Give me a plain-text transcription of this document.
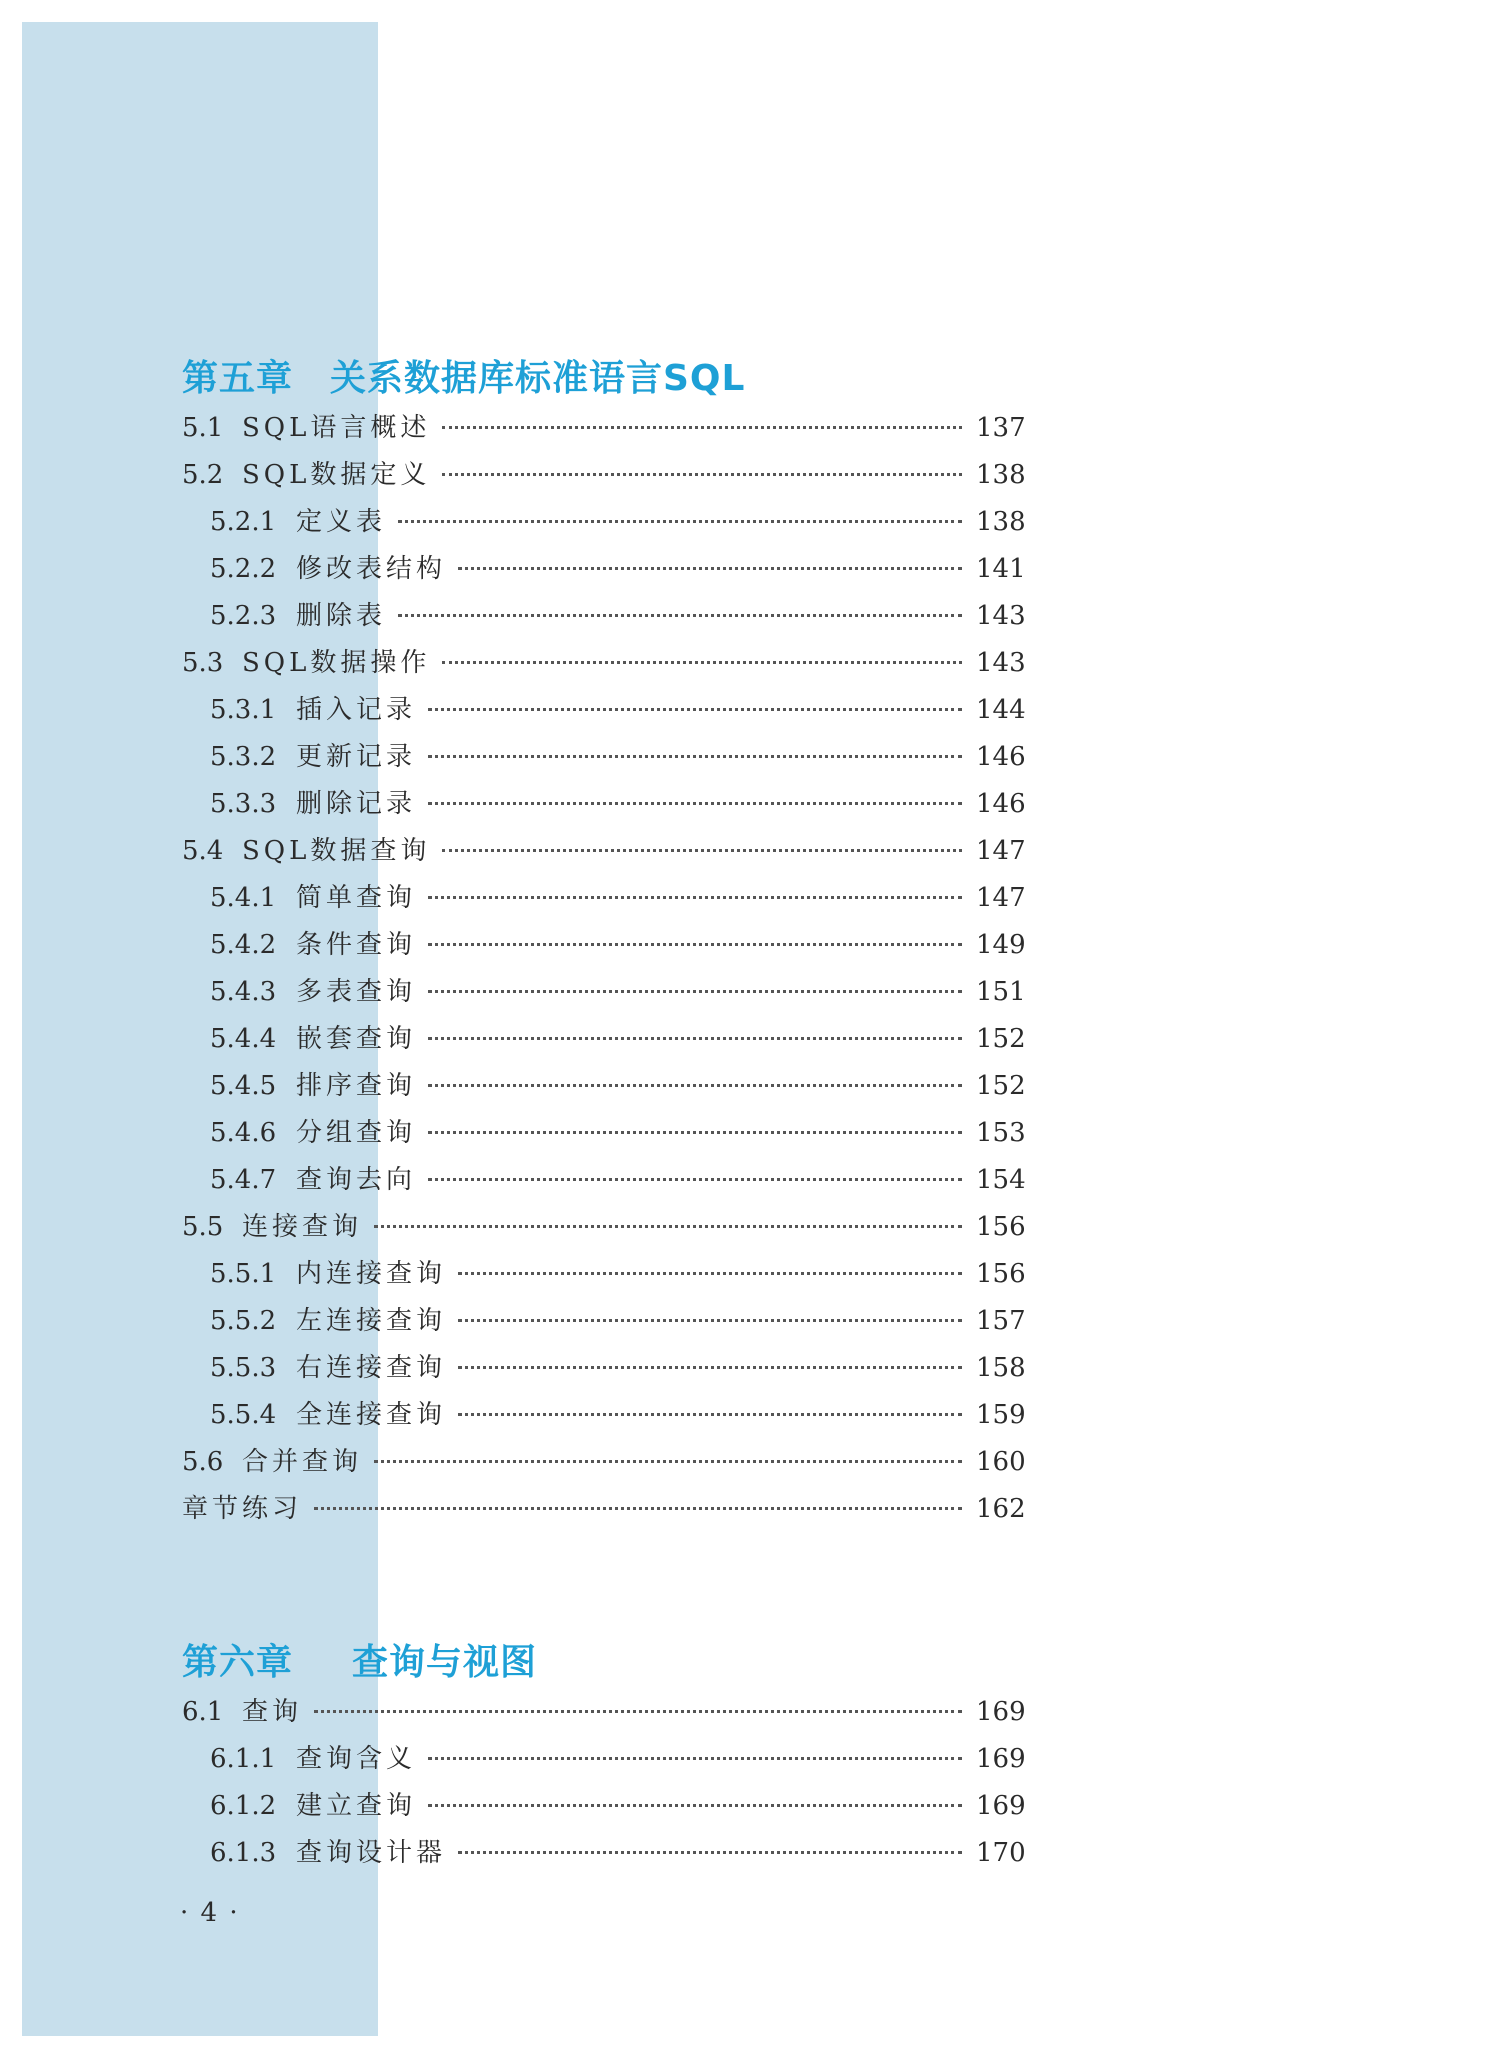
第五章 关系数据库标准语言SQL
5.1 SQL语言概述	137
5.2 SQL数据定义	138
5.2.1 定义表	138
5.2.2 修改表结构	141
5.2.3 删除表	143
5.3 SQL数据操作	143
5.3.1 插入记录	144
5.3.2 更新记录	146
5.3.3 删除记录	146
5.4 SQL数据查询	147
5.4.1 简单查询	147
5.4.2 条件查询	149
5.4.3 多表查询	151
5.4.4 嵌套查询	152
5.4.5 排序查询	152
5.4.6 分组查询	153
5.4.7 查询去向	154
5.5 连接查询	156
5.5.1 内连接查询	156
5.5.2 左连接查询	157
5.5.3 右连接查询	158
5.5.4 全连接查询	159
5.6 合并查询	160
章节练习	162
第六章 查询与视图
6.1 查询	169
6.1.1 查询含义	169
6.1.2 建立查询	169
6.1.3 查询设计器	170
· 4 ·
